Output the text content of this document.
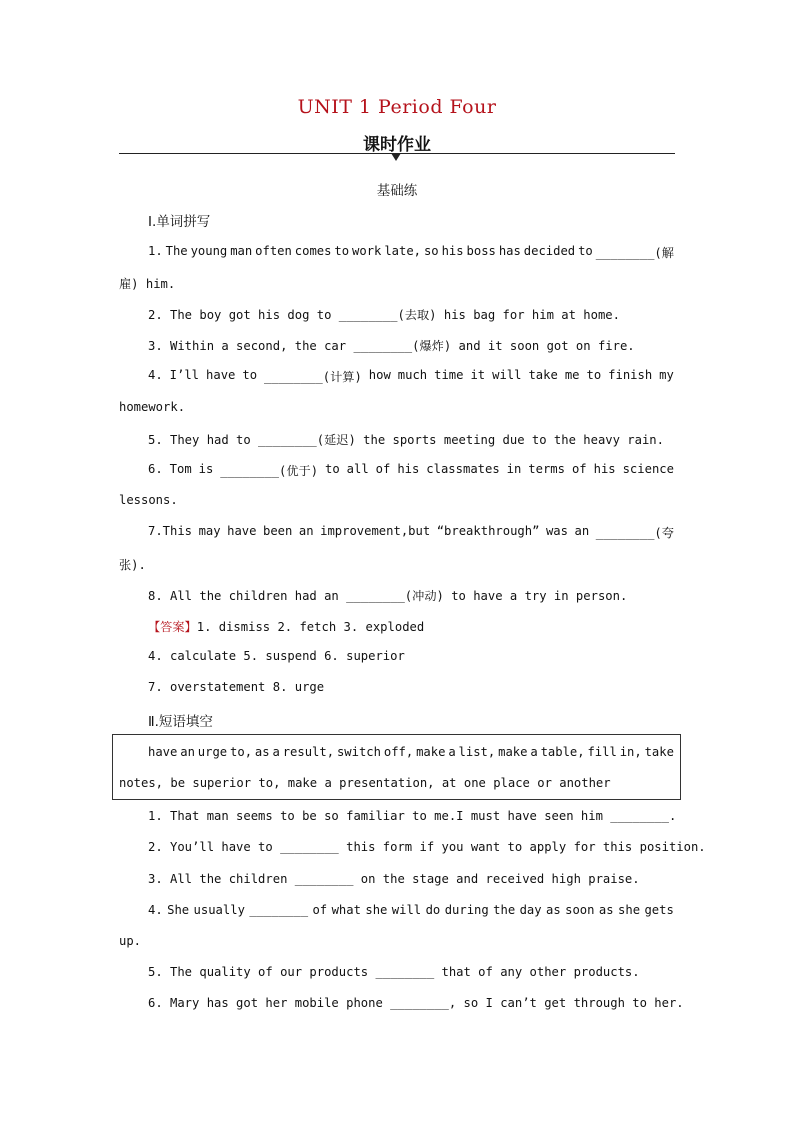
UNIT 1 Period Four
课时作业
基础练
Ⅰ.单词拼写
1. The young man often comes to work late, so his boss has decided to ________(解
雇) him.
2. The boy got his dog to ________(去取) his bag for him at home.
3. Within a second, the car ________(爆炸) and it soon got on fire.
4. I’ll have to ________(计算) how much time it will take me to finish my
homework.
5. They had to ________(延迟) the sports meeting due to the heavy rain.
6. Tom is ________(优于) to all of his classmates in terms of his science
lessons.
7.This may have been an improvement,but “breakthrough” was an ________(夸
张).
8. All the children had an ________(冲动) to have a try in person.
【答案】1. dismiss 2. fetch 3. exploded
4. calculate 5. suspend 6. superior
7. overstatement 8. urge
Ⅱ.短语填空
have an urge to, as a result, switch off, make a list, make a table, fill in, take
notes, be superior to, make a presentation, at one place or another
1. That man seems to be so familiar to me.I must have seen him ________.
2. You’ll have to ________ this form if you want to apply for this position.
3. All the children ________ on the stage and received high praise.
4. She usually ________ of what she will do during the day as soon as she gets
up.
5. The quality of our products ________ that of any other products.
6. Mary has got her mobile phone ________, so I can’t get through to her.
